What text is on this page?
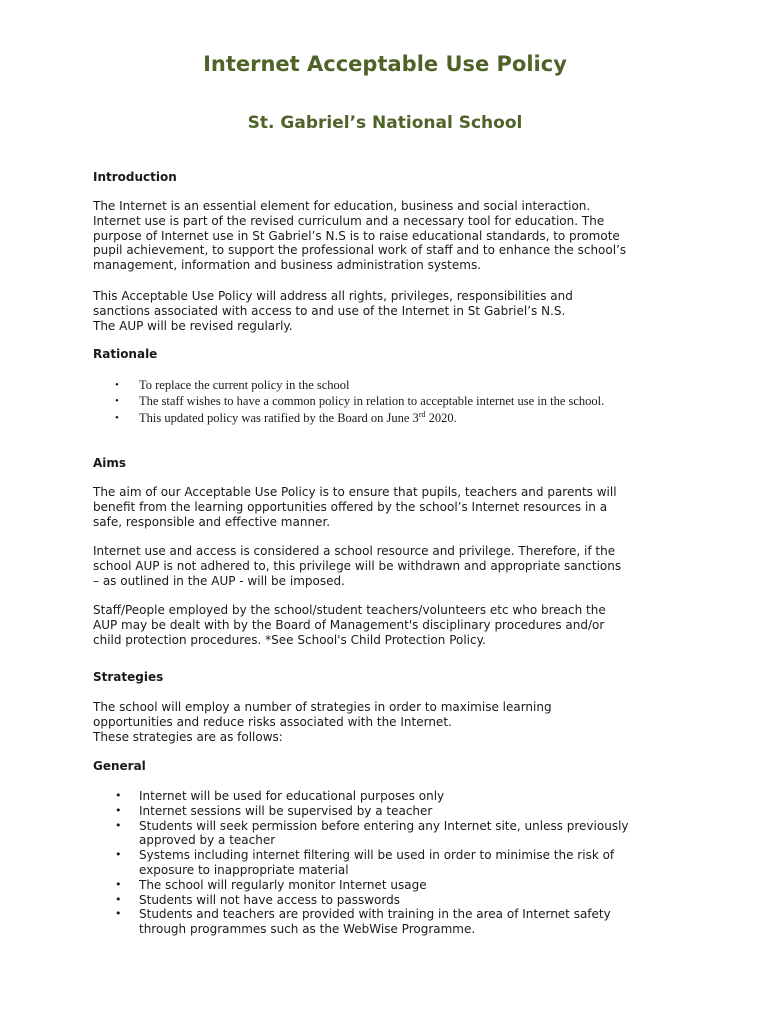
Internet Acceptable Use Policy
St. Gabriel’s National School
Introduction

The Internet is an essential element for education, business and social interaction.
Internet use is part of the revised curriculum and a necessary tool for education. The
purpose of Internet use in St Gabriel’s N.S is to raise educational standards, to promote
pupil achievement, to support the professional work of staff and to enhance the school’s
management, information and business administration systems.

This Acceptable Use Policy will address all rights, privileges, responsibilities and
sanctions associated with access to and use of the Internet in St Gabriel’s N.S.
The AUP will be revised regularly.

Rationale
• To replace the current policy in the school
• The staff wishes to have a common policy in relation to acceptable internet use in the school.
• This updated policy was ratified by the Board on June 3rd 2020.
Aims

The aim of our Acceptable Use Policy is to ensure that pupils, teachers and parents will
benefit from the learning opportunities offered by the school’s Internet resources in a
safe, responsible and effective manner.

Internet use and access is considered a school resource and privilege. Therefore, if the
school AUP is not adhered to, this privilege will be withdrawn and appropriate sanctions
– as outlined in the AUP - will be imposed.

Staff/People employed by the school/student teachers/volunteers etc who breach the
AUP may be dealt with by the Board of Management's disciplinary procedures and/or
child protection procedures. *See School's Child Protection Policy.

Strategies

The school will employ a number of strategies in order to maximise learning
opportunities and reduce risks associated with the Internet.
These strategies are as follows:

General
• Internet will be used for educational purposes only
• Internet sessions will be supervised by a teacher
• Students will seek permission before entering any Internet site, unless previously
approved by a teacher
• Systems including internet filtering will be used in order to minimise the risk of
exposure to inappropriate material
• The school will regularly monitor Internet usage
• Students will not have access to passwords
• Students and teachers are provided with training in the area of Internet safety
through programmes such as the WebWise Programme.
